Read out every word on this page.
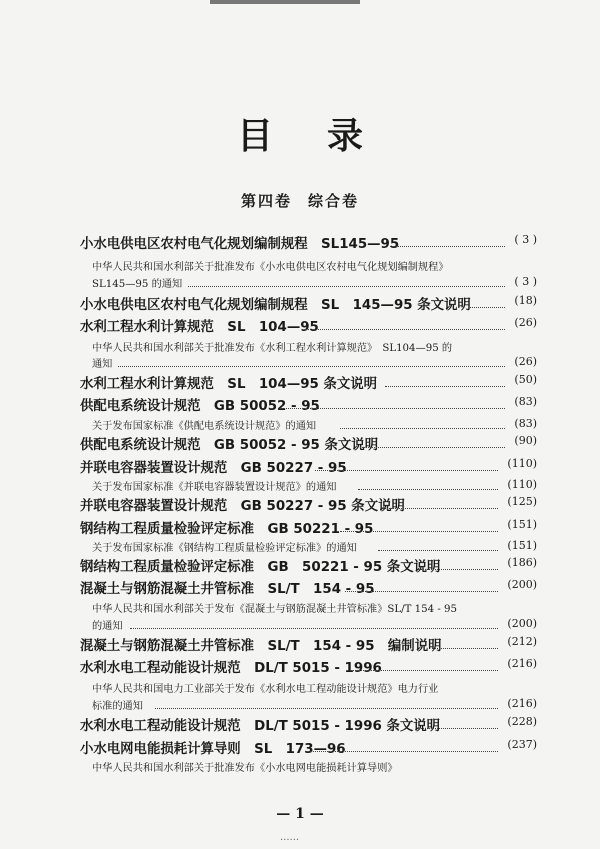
目录
第四卷 综合卷
小水电供电区农村电气化规划编制规程　SL145—95	( 3 )
中华人民共和国水利部关于批准发布《小水电供电区农村电气化规划编制规程》
SL145—95 的通知	( 3 )
小水电供电区农村电气化规划编制规程　SL　145—95 条文说明	(18)
水利工程水利计算规范　SL　104—95	(26)
中华人民共和国水利部关于批准发布《水利工程水利计算规范》　SL104—95 的
通知	(26)
水利工程水利计算规范　SL　104—95 条文说明	(50)
供配电系统设计规范　GB 50052 - 95	(83)
关于发布国家标准《供配电系统设计规范》的通知	(83)
供配电系统设计规范　GB 50052 - 95 条文说明	(90)
并联电容器装置设计规范　GB 50227 - 95	(110)
关于发布国家标准《并联电容器装置设计规范》的通知	(110)
并联电容器装置设计规范　GB 50227 - 95 条文说明	(125)
钢结构工程质量检验评定标准　GB 50221 - 95	(151)
关于发布国家标准《钢结构工程质量检验评定标准》的通知	(151)
钢结构工程质量检验评定标准　GB　50221 - 95 条文说明	(186)
混凝土与钢筋混凝土井管标准　SL/T　154 - 95	(200)
中华人民共和国水利部关于发布《混凝土与钢筋混凝土井管标准》SL/T 154 - 95
的通知	(200)
混凝土与钢筋混凝土井管标准　SL/T　154 - 95　编制说明	(212)
水利水电工程动能设计规范　DL/T 5015 - 1996	(216)
中华人民共和国电力工业部关于发布《水利水电工程动能设计规范》电力行业
标准的通知	(216)
水利水电工程动能设计规范　DL/T 5015 - 1996 条文说明	(228)
小水电网电能损耗计算导则　SL　173—96	(237)
中华人民共和国水利部关于批准发布《小水电网电能损耗计算导则》
— 1 —
......
